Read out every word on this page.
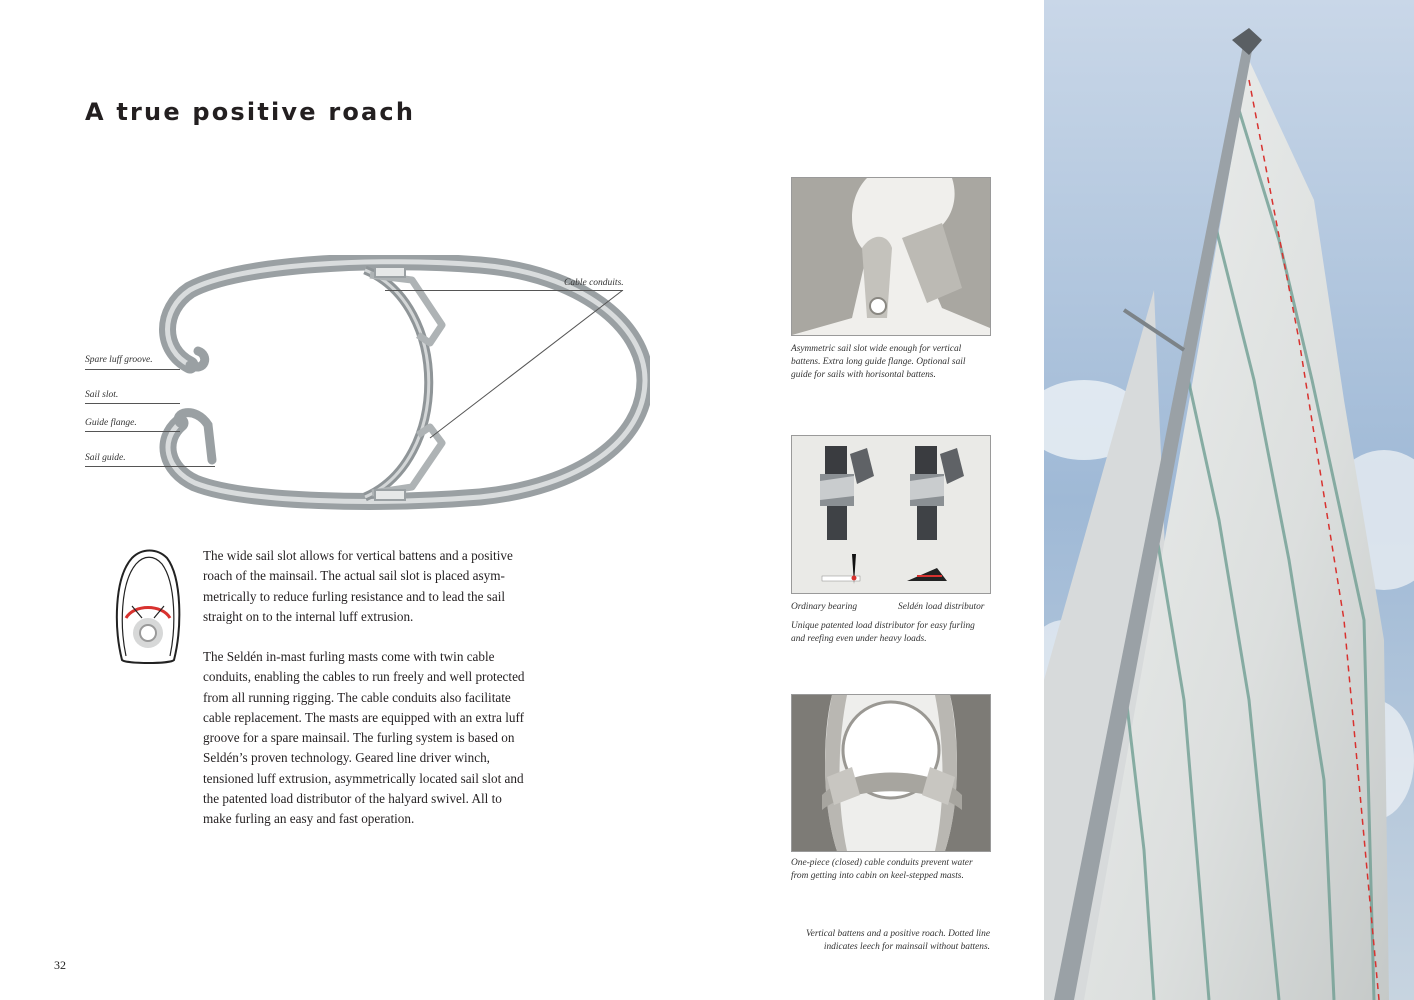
A true positive roach
Cable conduits.
Spare luff groove.
Sail slot.
Guide flange.
Sail guide.

The wide sail slot allows for vertical battens and a positive roach of the mainsail. The actual sail slot is placed asym-metrically to reduce furling resistance and to lead the sail straight on to the internal luff extrusion.

The Seldén in-mast furling masts come with twin cable conduits, enabling the cables to run freely and well protected from all running rigging. The cable conduits also facilitate cable replacement. The masts are equipped with an extra luff groove for a spare mainsail. The furling system is based on Seldén’s proven technology. Geared line driver winch, tensioned luff extrusion, asymmetrically located sail slot and the patented load distributor of the halyard swivel. All to make furling an easy and fast operation.

Asymmetric sail slot wide enough for vertical battens. Extra long guide flange. Optional sail guide for sails with horisontal battens.

Ordinary bearing	Seldén load distributor

Unique patented load distributor for easy furling and reefing even under heavy loads.

One-piece (closed) cable conduits prevent water from getting into cabin on keel-stepped masts.

Vertical battens and a positive roach. Dotted line indicates leech for mainsail without battens.

32
